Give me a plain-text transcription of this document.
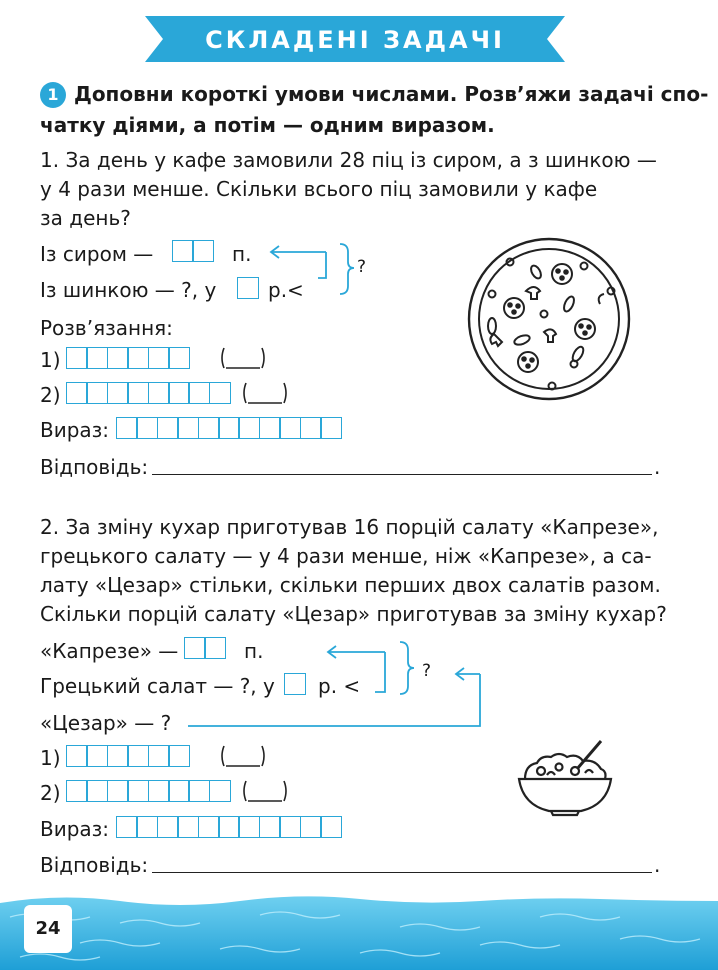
СКЛАДЕНІ ЗАДАЧІ
1 Доповни короткі умови числами. Розв’яжи задачі спо-
чатку діями, а потім — одним виразом.
1. За день у кафе замовили 28 піц із сиром, а з шинкою —
у 4 рази менше. Скільки всього піц замовили у кафе
за день?
Із сиром —	п.
Із шинкою — ?, у	р.<
?
Розв’язання:
1)
2)
Вираз:
Відповідь:	.
2. За зміну кухар приготував 16 порцій салату «Капрезе»,
грецького салату — у 4 рази менше, ніж «Капрезе», а са-
лату «Цезар» стільки, скільки перших двох салатів разом.
Скільки порцій салату «Цезар» приготував за зміну кухар?
«Капрезе» —	п.
Грецький салат — ?, у р. <
«Цезар» — ?
?
1)
2)
Вираз:
Відповідь:	.
24
